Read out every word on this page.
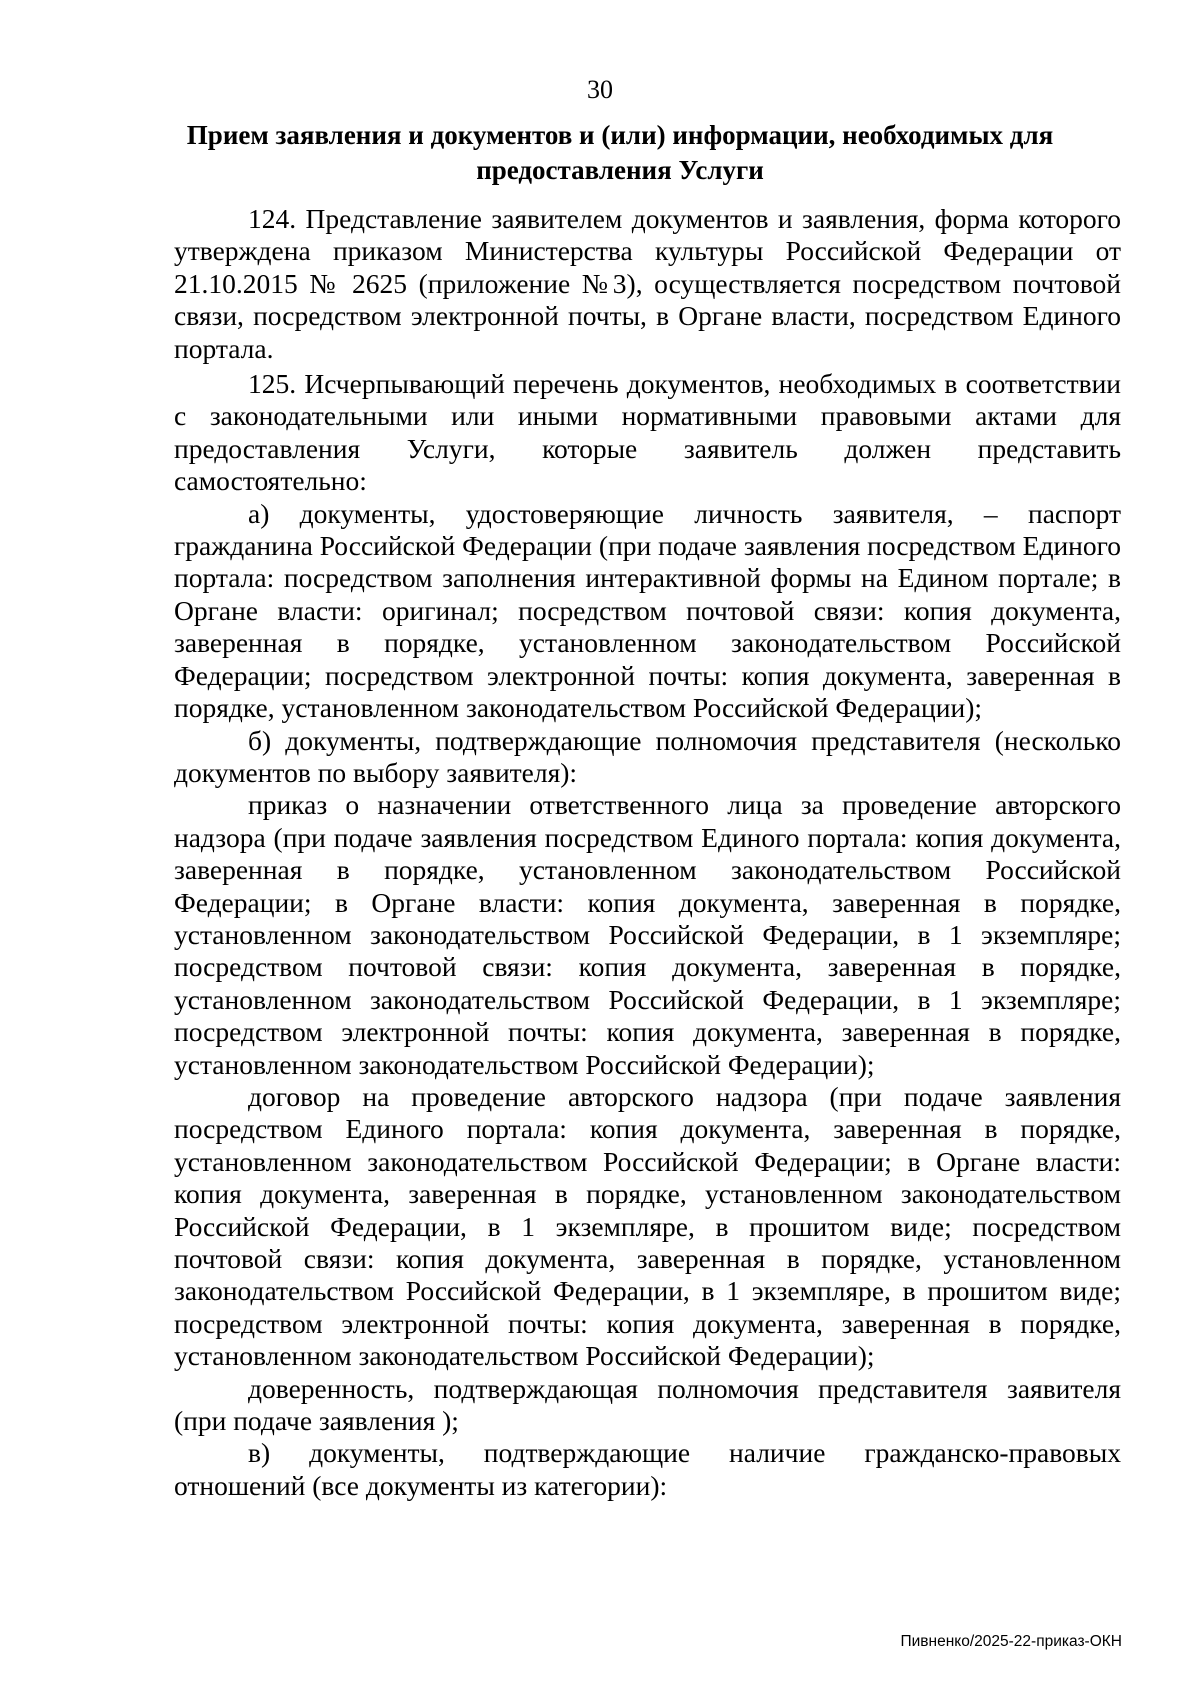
30
Прием заявления и документов и (или) информации, необходимых для
предоставления Услуги

124. Представление заявителем документов и заявления, форма которого утверждена приказом Министерства культуры Российской Федерации от 21.10.2015 № 2625 (приложение №3), осуществляется посредством почтовой связи, посредством электронной почты, в Органе власти, посредством Единого портала.

125. Исчерпывающий перечень документов, необходимых в соответствии с законодательными или иными нормативными правовыми актами для предоставления Услуги, которые заявитель должен представить самостоятельно:

а) документы, удостоверяющие личность заявителя, – паспорт гражданина Российской Федерации (при подаче заявления посредством Единого портала: посредством заполнения интерактивной формы на Едином портале; в Органе власти: оригинал; посредством почтовой связи: копия документа, заверенная в порядке, установленном законодательством Российской Федерации; посредством электронной почты: копия документа, заверенная в порядке, установленном законодательством Российской Федерации);

б) документы, подтверждающие полномочия представителя (несколько документов по выбору заявителя):

приказ о назначении ответственного лица за проведение авторского надзора (при подаче заявления посредством Единого портала: копия документа, заверенная в порядке, установленном законодательством Российской Федерации; в Органе власти: копия документа, заверенная в порядке, установленном законодательством Российской Федерации, в 1 экземпляре; посредством почтовой связи: копия документа, заверенная в порядке, установленном законодательством Российской Федерации, в 1 экземпляре; посредством электронной почты: копия документа, заверенная в порядке, установленном законодательством Российской Федерации);

договор на проведение авторского надзора (при подаче заявления посредством Единого портала: копия документа, заверенная в порядке, установленном законодательством Российской Федерации; в Органе власти: копия документа, заверенная в порядке, установленном законодательством Российской Федерации, в 1 экземпляре, в прошитом виде; посредством почтовой связи: копия документа, заверенная в порядке, установленном законодательством Российской Федерации, в 1 экземпляре, в прошитом виде; посредством электронной почты: копия документа, заверенная в порядке, установленном законодательством Российской Федерации);

доверенность, подтверждающая полномочия представителя заявителя (при подаче заявления );

в) документы, подтверждающие наличие гражданско-правовых отношений (все документы из категории):

Пивненко/2025-22-приказ-ОКН
